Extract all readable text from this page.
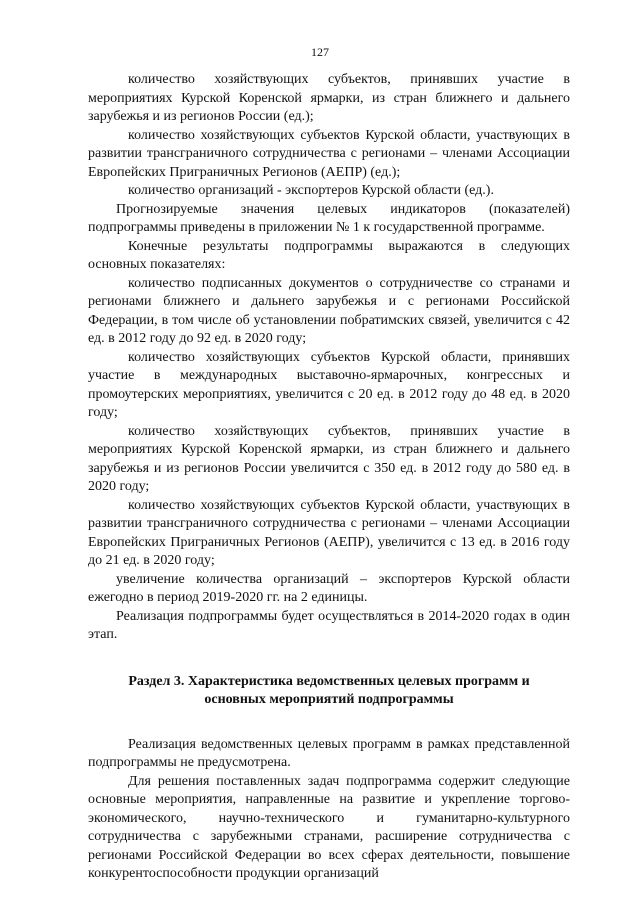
127

количество хозяйствующих субъектов, принявших участие в мероприятиях Курской Коренской ярмарки, из стран ближнего и дальнего зарубежья и из регионов России (ед.);

количество хозяйствующих субъектов Курской области, участвующих в развитии трансграничного сотрудничества с регионами – членами Ассоциации Европейских Приграничных Регионов (АЕПР) (ед.);

количество организаций - экспортеров Курской области (ед.).

Прогнозируемые значения целевых индикаторов (показателей) подпрограммы приведены в приложении № 1 к государственной программе.

Конечные результаты подпрограммы выражаются в следующих основных показателях:

количество подписанных документов о сотрудничестве со странами и регионами ближнего и дальнего зарубежья и с регионами Российской Федерации, в том числе об установлении побратимских связей, увеличится с 42 ед. в 2012 году до 92 ед. в 2020 году;

количество хозяйствующих субъектов Курской области, принявших участие в международных выставочно-ярмарочных, конгрессных и промоутерских мероприятиях, увеличится с 20 ед. в 2012 году до 48 ед. в 2020 году;

количество хозяйствующих субъектов, принявших участие в мероприятиях Курской Коренской ярмарки, из стран ближнего и дальнего зарубежья и из регионов России увеличится с 350 ед. в 2012 году до 580 ед. в 2020 году;

количество хозяйствующих субъектов Курской области, участвующих в развитии трансграничного сотрудничества с регионами – членами Ассоциации Европейских Приграничных Регионов (АЕПР), увеличится с 13 ед. в 2016 году до 21 ед. в 2020 году;

увеличение количества организаций – экспортеров Курской области ежегодно в период 2019-2020 гг. на 2 единицы.

Реализация подпрограммы будет осуществляться в 2014-2020 годах в один этап.

Раздел 3. Характеристика ведомственных целевых программ и
основных мероприятий подпрограммы

Реализация ведомственных целевых программ в рамках представленной подпрограммы не предусмотрена.

Для решения поставленных задач подпрограмма содержит следующие основные мероприятия, направленные на развитие и укрепление торгово-экономического, научно-технического и гуманитарно-культурного сотрудничества с зарубежными странами, расширение сотрудничества с регионами Российской Федерации во всех сферах деятельности, повышение конкурентоспособности продукции организаций
